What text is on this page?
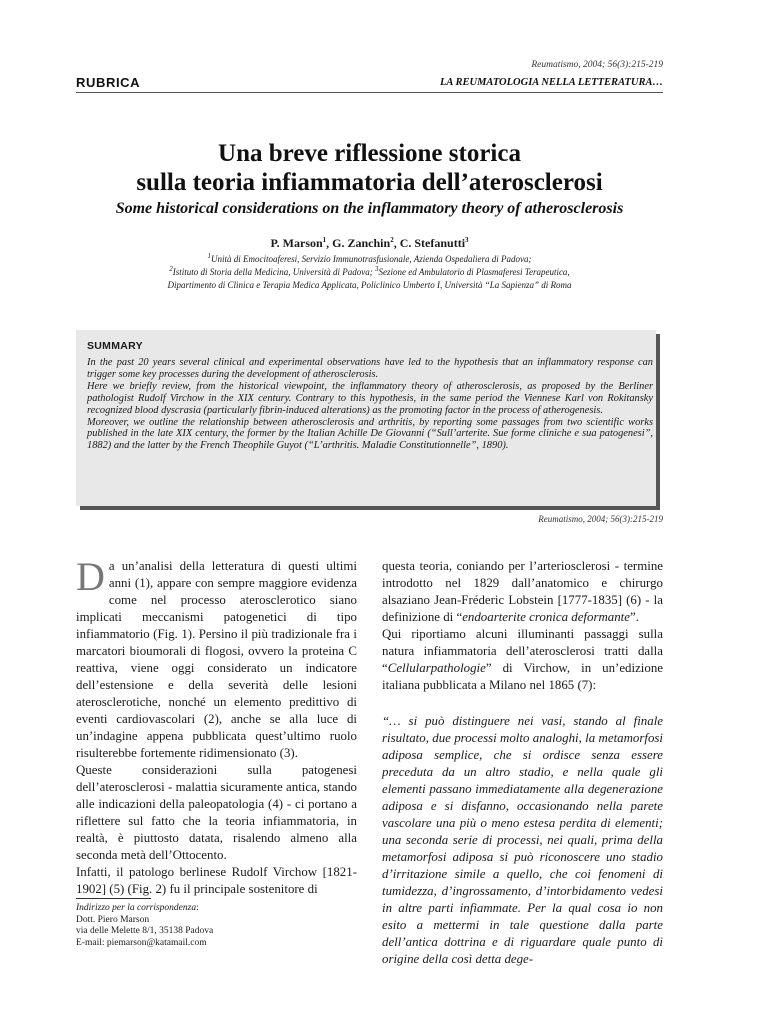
Reumatismo, 2004; 56(3):215-219
RUBRICA	LA REUMATOLOGIA NELLA LETTERATURA…
Una breve riflessione storica
sulla teoria infiammatoria dell’aterosclerosi
Some historical considerations on the inflammatory theory of atherosclerosis
P. Marson$^1$, G. Zanchin$^2$, C. Stefanutti$^3$
$^1$Unità di Emocitoaferesi, Servizio Immunotrasfusionale, Azienda Ospedaliera di Padova;
$^2$Istituto di Storia della Medicina, Università di Padova; $^3$Sezione ed Ambulatorio di Plasmaferesi Terapeutica,
Dipartimento di Clinica e Terapia Medica Applicata, Policlinico Umberto I, Università “La Sapienza” di Roma
SUMMARY

In the past 20 years several clinical and experimental observations have led to the hypothesis that an inflammatory response can trigger some key processes during the development of atherosclerosis.

Here we briefly review, from the historical viewpoint, the inflammatory theory of atherosclerosis, as proposed by the Berliner pathologist Rudolf Virchow in the XIX century. Contrary to this hypothesis, in the same period the Viennese Karl von Rokitansky recognized blood dyscrasia (particularly fibrin-induced alterations) as the promoting factor in the process of atherogenesis.

Moreover, we outline the relationship between atherosclerosis and arthritis, by reporting some passages from two scientific works published in the late XIX century, the former by the Italian Achille De Giovanni (“Sull’arterite. Sue forme cliniche e sua patogenesi”, 1882) and the latter by the French Theophile Guyot (“L’arthritis. Maladie Constitutionnelle”, 1890).

Reumatismo, 2004; 56(3):215-219

Da un’analisi della letteratura di questi ultimi anni (1), appare con sempre maggiore evidenza come nel processo aterosclerotico siano implicati meccanismi patogenetici di tipo infiammatorio (Fig. 1). Persino il più tradizionale fra i marcatori bioumorali di flogosi, ovvero la proteina C reattiva, viene oggi considerato un indicatore dell’estensione e della severità delle lesioni aterosclerotiche, nonché un elemento predittivo di eventi cardiovascolari (2), anche se alla luce di un’indagine appena pubblicata quest’ultimo ruolo risulterebbe fortemente ridimensionato (3).

Queste considerazioni sulla patogenesi dell’aterosclerosi - malattia sicuramente antica, stando alle indicazioni della paleopatologia (4) - ci portano a riflettere sul fatto che la teoria infiammatoria, in realtà, è piuttosto datata, risalendo almeno alla seconda metà dell’Ottocento.

Infatti, il patologo berlinese Rudolf Virchow [1821-1902] (5) (Fig. 2) fu il principale sostenitore di

questa teoria, coniando per l’arteriosclerosi - termine introdotto nel 1829 dall’anatomico e chirurgo alsaziano Jean-Fréderic Lobstein [1777-1835] (6) - la definizione di “endoarterite cronica deformante”.

Qui riportiamo alcuni illuminanti passaggi sulla natura infiammatoria dell’aterosclerosi tratti dalla “Cellularpathologie” di Virchow, in un’edizione italiana pubblicata a Milano nel 1865 (7):

“… si può distinguere nei vasi, stando al finale risultato, due processi molto analoghi, la metamorfosi adiposa semplice, che si ordisce senza essere preceduta da un altro stadio, e nella quale gli elementi passano immediatamente alla degenerazione adiposa e si disfanno, occasionando nella parete vascolare una più o meno estesa perdita di elementi; una seconda serie di processi, nei quali, prima della metamorfosi adiposa si può riconoscere uno stadio d’irritazione simile a quello, che coi fenomeni di tumidezza, d’ingrossamento, d’intorbidamento vedesi in altre parti infiammate. Per la qual cosa io non esito a mettermi in tale questione dalla parte dell’antica dottrina e di riguardare quale punto di origine della così detta dege-

Indirizzo per la corrispondenza:
Dott. Piero Marson
via delle Melette 8/1, 35138 Padova
E-mail: piemarson@katamail.com
